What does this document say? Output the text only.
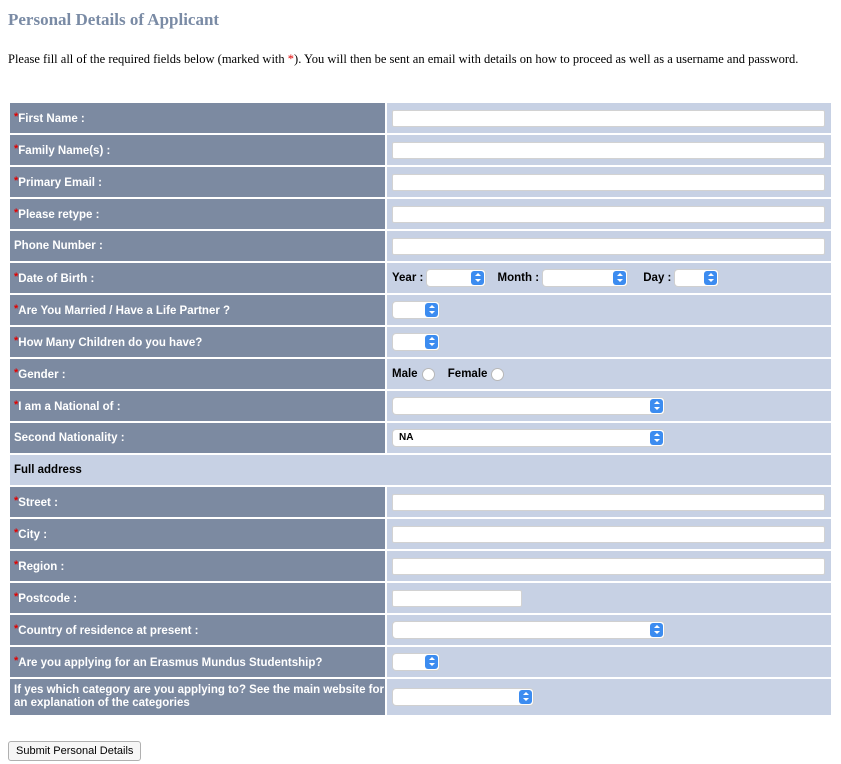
Personal Details of Applicant
Please fill all of the required fields below (marked with *). You will then be sent an email with details on how to proceed as well as a username and password.
*First Name :	

*Family Name(s) :	

*Primary Email :	

*Please retype :	

Phone Number :	

*Date of Birth :	Year : Month : Day :

*Are You Married / Have a Life Partner ?	

*How Many Children do you have?	

*Gender :	Male Female
*I am a National of :	

Second Nationality :	NA

Full address	
*Street :	

*City :	

*Region :	

*Postcode :	

*Country of residence at present :	

*Are you applying for an Erasmus Mundus Studentship?	

If yes which category are you applying to? See the main website for an explanation of the categories	
Submit Personal Details
